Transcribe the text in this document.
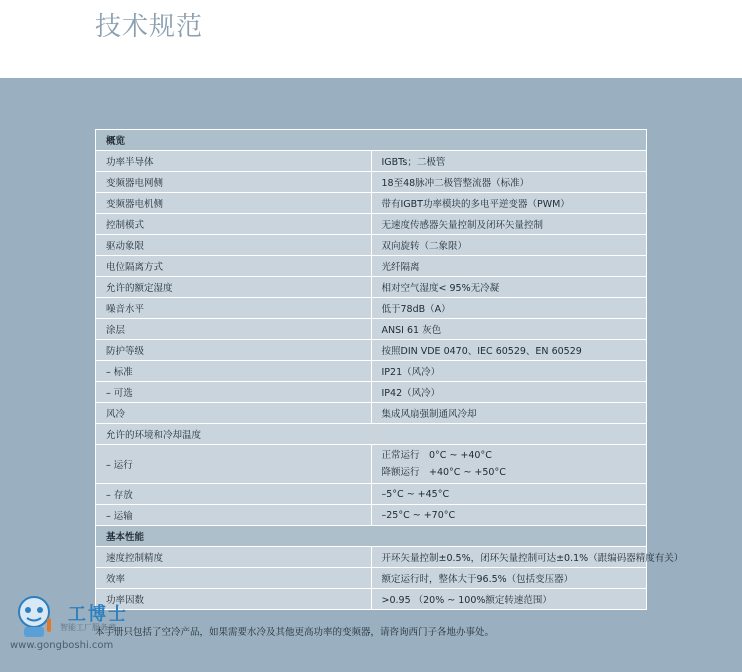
技术规范
概览	
功率半导体	IGBTs；二极管
变频器电网侧	18至48脉冲二极管整流器（标准）
变频器电机侧	带有IGBT功率模块的多电平逆变器（PWM）
控制模式	无速度传感器矢量控制及闭环矢量控制
驱动象限	双向旋转（二象限）
电位隔离方式	光纤隔离
允许的额定湿度	相对空气湿度< 95%无冷凝
噪音水平	低于78dB（A）
涂层	ANSI 61 灰色
防护等级	按照DIN VDE 0470、IEC 60529、EN 60529
– 标准	IP21（风冷）
– 可选	IP42（风冷）
风冷	集成风扇强制通风冷却
允许的环境和冷却温度	
– 运行	正常运行　0°C ~ +40°C
降额运行　+40°C ~ +50°C

– 存放	–5°C ~ +45°C
– 运输	–25°C ~ +70°C
基本性能	
速度控制精度	开环矢量控制±0.5%，闭环矢量控制可达±0.1%（跟编码器精度有关）
效率	额定运行时，整体大于96.5%（包括变压器）
功率因数	>0.95 （20% ~ 100%额定转速范围）
本手册只包括了空冷产品，如果需要水冷及其他更高功率的变频器，请咨询西门子各地办事处。
工博士
智能工厂服务商
www.gongboshi.com
